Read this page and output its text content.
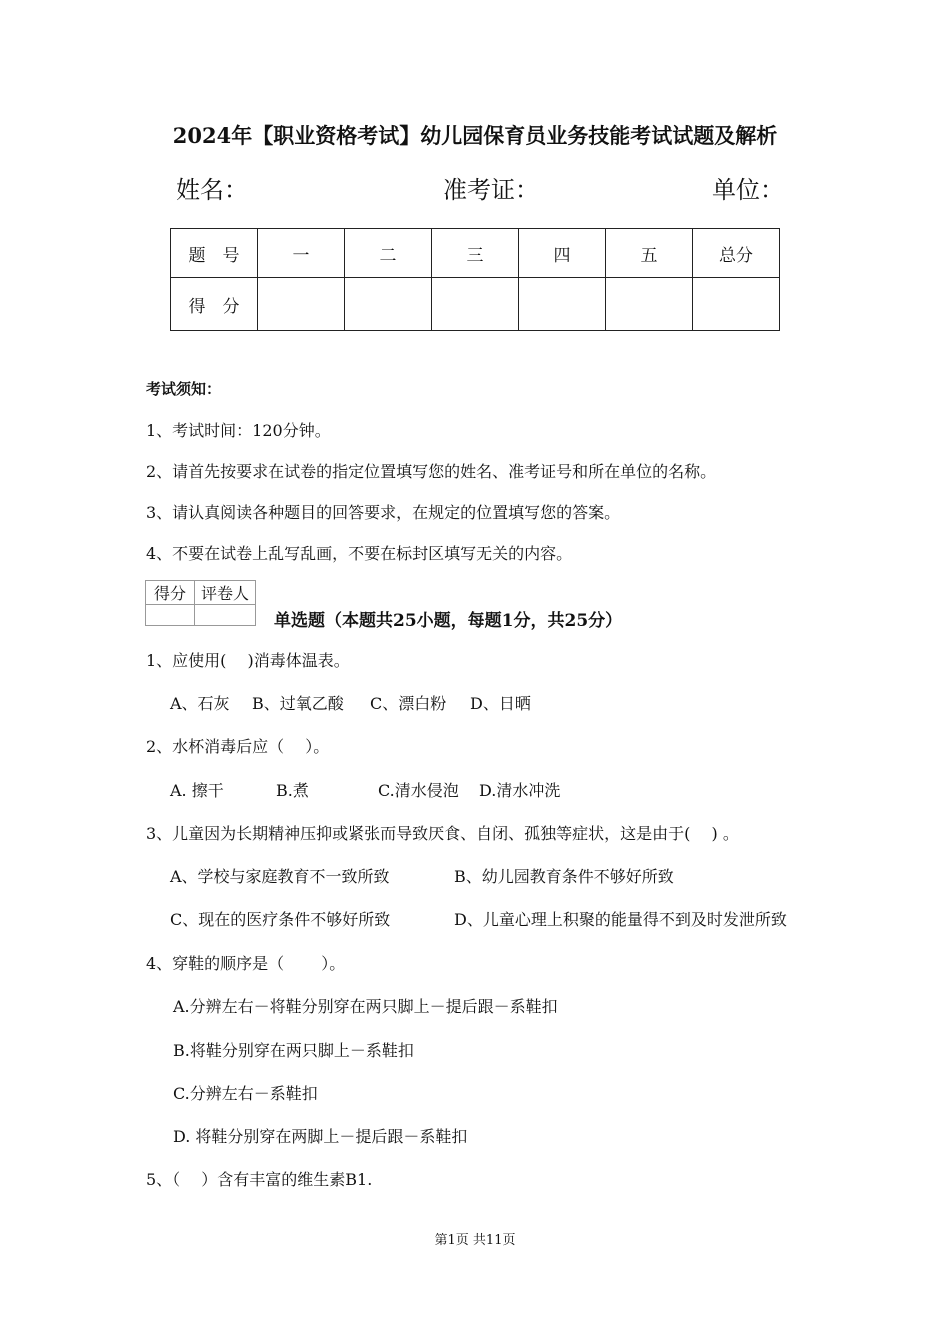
2024年【职业资格考试】幼儿园保育员业务技能考试试题及解析
姓名：	准考证：	单位：
题　号	一	二	三	四	五	总分
得　分						
考试须知：
1、考试时间：120分钟。
2、请首先按要求在试卷的指定位置填写您的姓名、准考证号和所在单位的名称。
3、请认真阅读各种题目的回答要求，在规定的位置填写您的答案。
4、不要在试卷上乱写乱画，不要在标封区填写无关的内容。
得分	评卷人

单选题（本题共25小题，每题1分，共25分）
1、应使用(　 )消毒体温表。
A、石灰 B、过氧乙酸 C、漂白粉 D、日晒
2、水杯消毒后应（　 ）。
A. 擦干	B.煮	C.清水侵泡 D.清水冲洗
3、儿童因为长期精神压抑或紧张而导致厌食、自闭、孤独等症状，这是由于(　 ) 。
A、学校与家庭教育不一致所致	B、幼儿园教育条件不够好所致
C、现在的医疗条件不够好所致	D、儿童心理上积聚的能量得不到及时发泄所致
4、穿鞋的顺序是（　　 ）。
A.分辨左右－将鞋分别穿在两只脚上－提后跟－系鞋扣
B.将鞋分别穿在两只脚上－系鞋扣
C.分辨左右－系鞋扣
D. 将鞋分别穿在两脚上－提后跟－系鞋扣
5、（　 ）含有丰富的维生素B1.
第1页 共11页
